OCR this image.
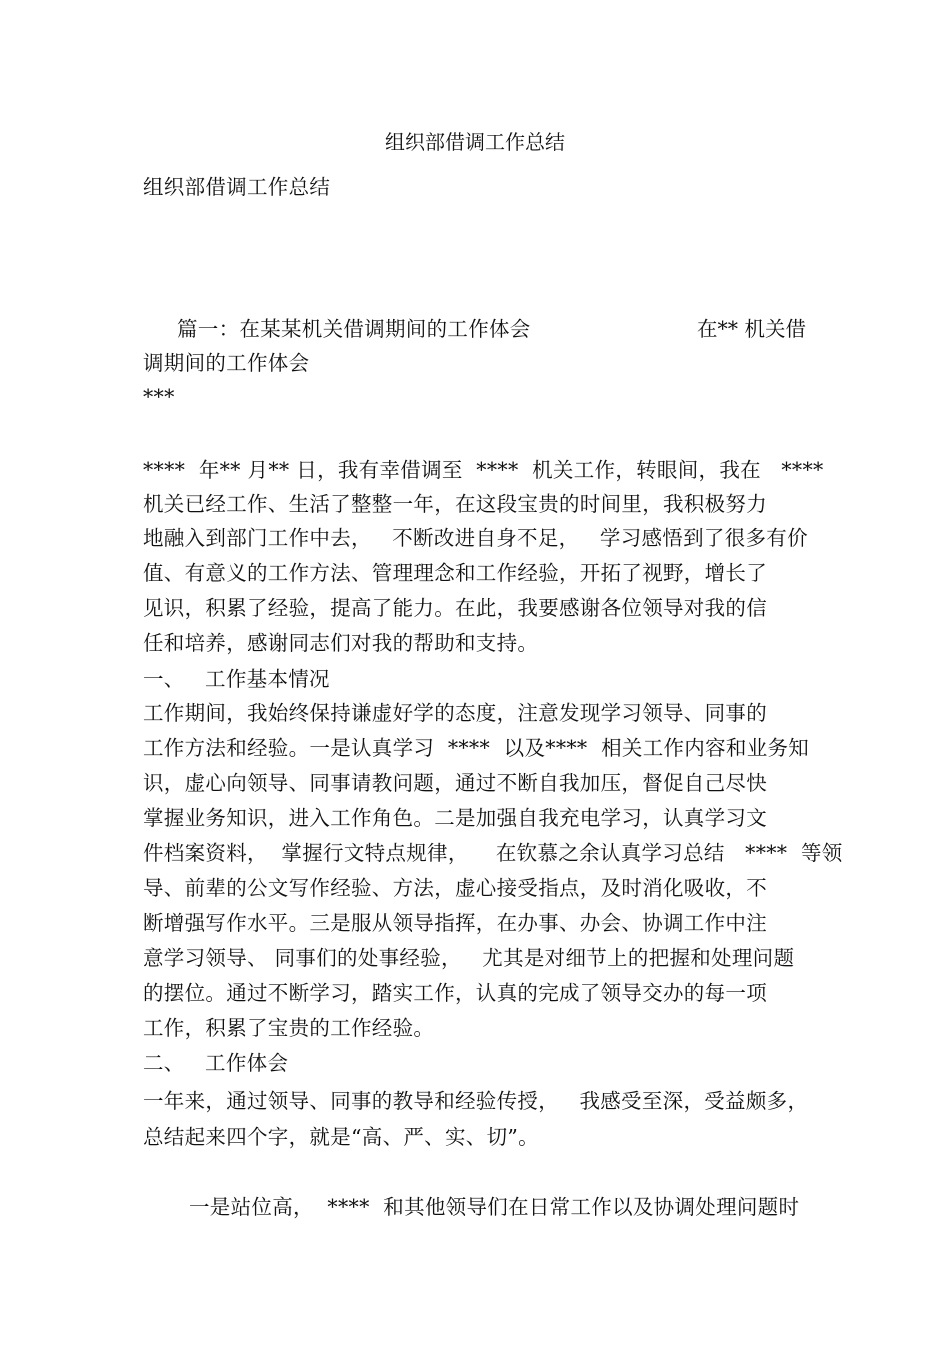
组织部借调工作总结
组织部借调工作总结
篇一：在某某机关借调期间的工作体会	在** 机关借
调期间的工作体会
***
****  年** 月** 日，我有幸借调至  ****  机关工作，转眼间，我在   ****
机关已经工作、生活了整整一年，在这段宝贵的时间里，我积极努力
地融入到部门工作中去，   不断改进自身不足，   学习感悟到了很多有价
值、有意义的工作方法、管理理念和工作经验，开拓了视野，增长了
见识，积累了经验，提高了能力。在此，我要感谢各位领导对我的信
任和培养，感谢同志们对我的帮助和支持。
一、   工作基本情况
工作期间，我始终保持谦虚好学的态度，注意发现学习领导、同事的
工作方法和经验。一是认真学习  ****  以及****  相关工作内容和业务知
识，虚心向领导、同事请教问题，通过不断自我加压，督促自己尽快
掌握业务知识，进入工作角色。二是加强自我充电学习，认真学习文
件档案资料，  掌握行文特点规律，    在钦慕之余认真学习总结   ****  等领
导、前辈的公文写作经验、方法，虚心接受指点，及时消化吸收，不
断增强写作水平。三是服从领导指挥，在办事、办会、协调工作中注
意学习领导、 同事们的处事经验，   尤其是对细节上的把握和处理问题
的摆位。通过不断学习，踏实工作，认真的完成了领导交办的每一项
工作，积累了宝贵的工作经验。
二、   工作体会
一年来，通过领导、同事的教导和经验传授，   我感受至深，受益颇多，
总结起来四个字，就是“高、严、实、切”。
一是站位高，  ****  和其他领导们在日常工作以及协调处理问题时
